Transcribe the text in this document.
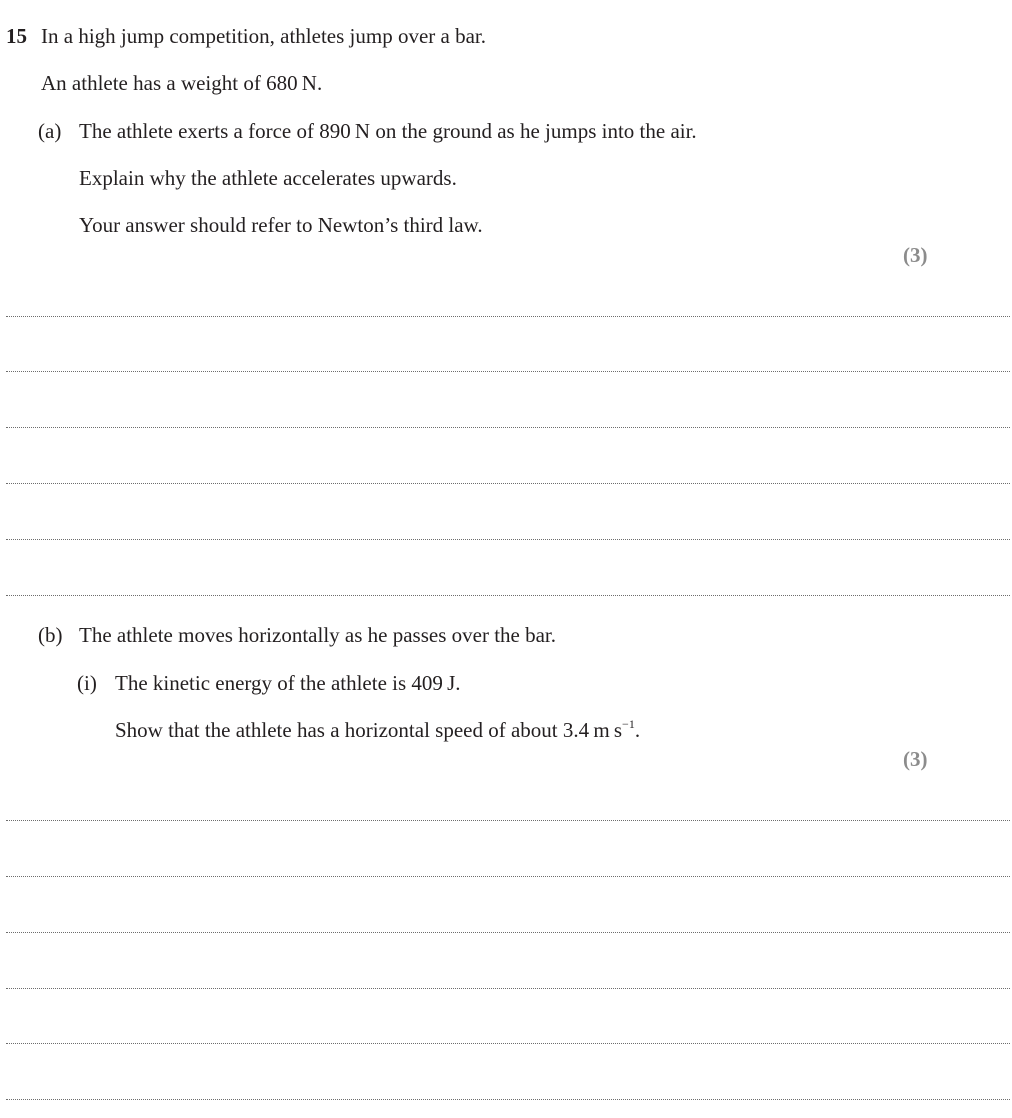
15 In a high jump competition, athletes jump over a bar.
An athlete has a weight of 680 N.
(a) The athlete exerts a force of 890 N on the ground as he jumps into the air.
Explain why the athlete accelerates upwards.
Your answer should refer to Newton’s third law.
(3)
(b) The athlete moves horizontally as he passes over the bar.
(i) The kinetic energy of the athlete is 409 J.
Show that the athlete has a horizontal speed of about 3.4 m $s^{-1}$.
(3)
